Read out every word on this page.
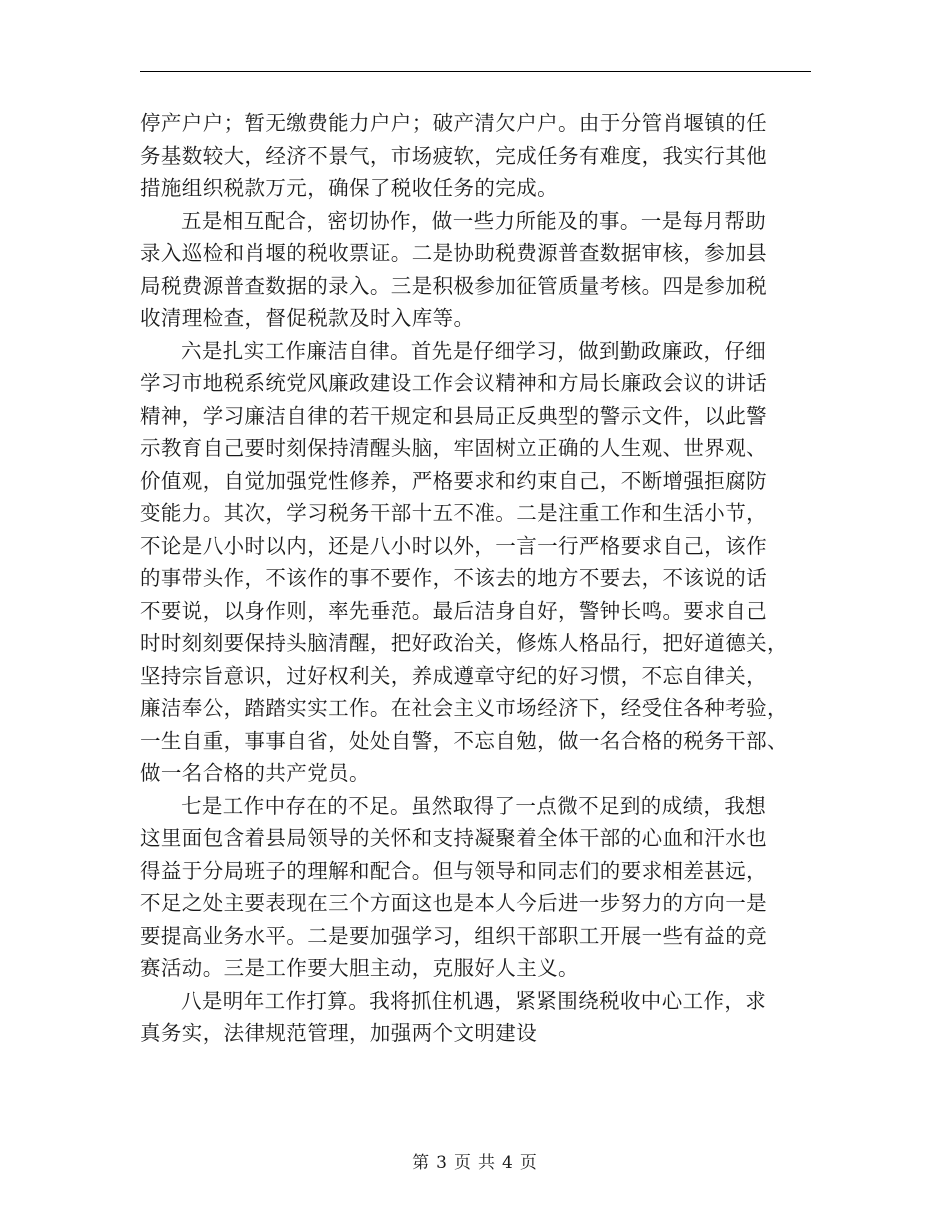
停产户户；暂无缴费能力户户；破产清欠户户。由于分管肖堰镇的任
务基数较大，经济不景气，市场疲软，完成任务有难度，我实行其他
措施组织税款万元，确保了税收任务的完成。
五是相互配合，密切协作，做一些力所能及的事。一是每月帮助
录入巡检和肖堰的税收票证。二是协助税费源普查数据审核，参加县
局税费源普查数据的录入。三是积极参加征管质量考核。四是参加税
收清理检查，督促税款及时入库等。
六是扎实工作廉洁自律。首先是仔细学习，做到勤政廉政，仔细
学习市地税系统党风廉政建设工作会议精神和方局长廉政会议的讲话
精神，学习廉洁自律的若干规定和县局正反典型的警示文件，以此警
示教育自己要时刻保持清醒头脑，牢固树立正确的人生观、世界观、
价值观，自觉加强党性修养，严格要求和约束自己，不断增强拒腐防
变能力。其次，学习税务干部十五不准。二是注重工作和生活小节，
不论是八小时以内，还是八小时以外，一言一行严格要求自己，该作
的事带头作，不该作的事不要作，不该去的地方不要去，不该说的话
不要说，以身作则，率先垂范。最后洁身自好，警钟长鸣。要求自己
时时刻刻要保持头脑清醒，把好政治关，修炼人格品行，把好道德关，
坚持宗旨意识，过好权利关，养成遵章守纪的好习惯，不忘自律关，
廉洁奉公，踏踏实实工作。在社会主义市场经济下，经受住各种考验，
一生自重，事事自省，处处自警，不忘自勉，做一名合格的税务干部、
做一名合格的共产党员。
七是工作中存在的不足。虽然取得了一点微不足到的成绩，我想
这里面包含着县局领导的关怀和支持凝聚着全体干部的心血和汗水也
得益于分局班子的理解和配合。但与领导和同志们的要求相差甚远，
不足之处主要表现在三个方面这也是本人今后进一步努力的方向一是
要提高业务水平。二是要加强学习，组织干部职工开展一些有益的竞
赛活动。三是工作要大胆主动，克服好人主义。
八是明年工作打算。我将抓住机遇，紧紧围绕税收中心工作，求
真务实，法律规范管理，加强两个文明建设
第 3 页 共 4 页
